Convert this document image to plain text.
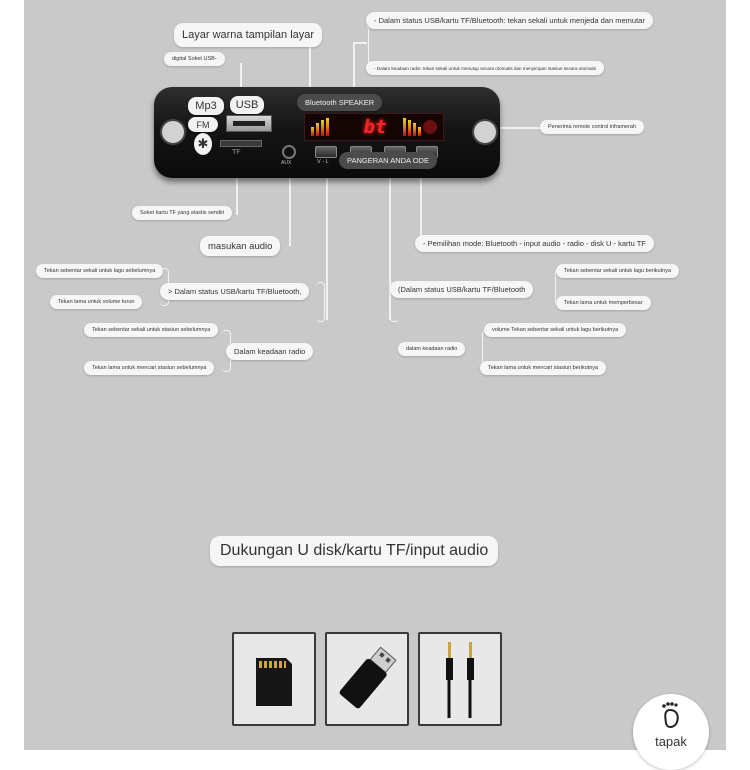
Mp3	USB
FM
✱
TF
AUX
bt
V - L
Layar warna tampilan layar
digital Soket USB-
Bluetooth SPEAKER
PANGERAN ANDA ODE
- Dalam status USB/kartu TF/Bluetooth: tekan sekali untuk menjeda dan memutar
- Dalam keadaan radio: tekan sekali untuk menutup secara otomatis dan menyimpan stasiun secara otomatis
Penerima remote control inframerah
Soket kartu TF yang elastis sendiri
masukan audio	- Pemilihan mode: Bluetooth - input audio - radio - disk U - kartu TF
Tekan sebentar sekali untuk lagu sebelumnya
> Dalam status USB/kartu TF/Bluetooth,
Tekan lama untuk volume turun
Tekan sebentar sekali untuk stasiun sebelumnya
Dalam keadaan radio
Tekan lama untuk mencari stasiun sebelumnya
Tekan sebentar sekali untuk lagu berikutnya
(Dalam status USB/kartu TF/Bluetooth
Tekan lama untuk memperbesar
volume Tekan sebentar sekali untuk lagu berikutnya
dalam keadaan radio
Tekan lama untuk mencari stasiun berikutnya
Dukungan U disk/kartu TF/input audio
tapak
